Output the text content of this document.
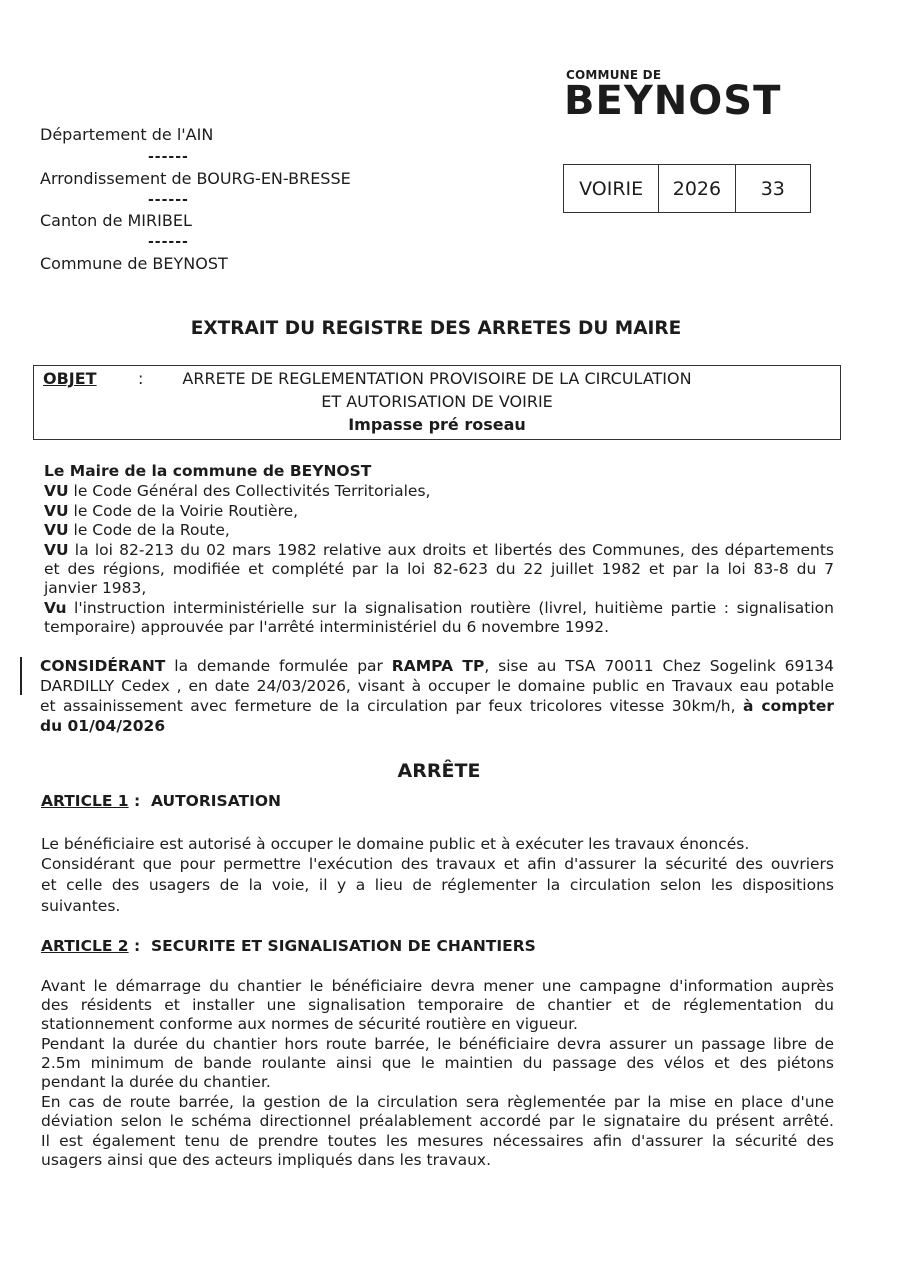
COMMUNE DE
BEYNOST
Département de l'AIN
------
Arrondissement de BOURG-EN-BRESSE
------
Canton de MIRIBEL
------
Commune de BEYNOST
VOIRIE	2026	33
EXTRAIT DU REGISTRE DES ARRETES DU MAIRE
OBJET	:	ARRETE DE REGLEMENTATION PROVISOIRE DE LA CIRCULATION
ET AUTORISATION DE VOIRIE
Impasse pré roseau
Le Maire de la commune de BEYNOST
VU le Code Général des Collectivités Territoriales,
VU le Code de la Voirie Routière,
VU le Code de la Route,
VU la loi 82-213 du 02 mars 1982 relative aux droits et libertés des Communes, des départements
et des régions, modifiée et complété par la loi 82-623 du 22 juillet 1982 et par la loi 83-8 du 7
janvier 1983,
Vu l'instruction interministérielle sur la signalisation routière (livrel, huitième partie : signalisation
temporaire) approuvée par l'arrêté interministériel du 6 novembre 1992.
CONSIDÉRANT la demande formulée par RAMPA TP, sise au TSA 70011 Chez Sogelink 69134
DARDILLY Cedex , en date 24/03/2026, visant à occuper le domaine public en Travaux eau potable
et assainissement avec fermeture de la circulation par feux tricolores vitesse 30km/h, à compter
du 01/04/2026
ARRÊTE
ARTICLE 1 :  AUTORISATION
Le bénéficiaire est autorisé à occuper le domaine public et à exécuter les travaux énoncés.
Considérant que pour permettre l'exécution des travaux et afin d'assurer la sécurité des ouvriers
et celle des usagers de la voie, il y a lieu de réglementer la circulation selon les dispositions
suivantes.
ARTICLE 2 :  SECURITE ET SIGNALISATION DE CHANTIERS
Avant le démarrage du chantier le bénéficiaire devra mener une campagne d'information auprès
des résidents et installer une signalisation temporaire de chantier et de réglementation du
stationnement conforme aux normes de sécurité routière en vigueur.
Pendant la durée du chantier hors route barrée, le bénéficiaire devra assurer un passage libre de
2.5m minimum de bande roulante ainsi que le maintien du passage des vélos et des piétons
pendant la durée du chantier.
En cas de route barrée, la gestion de la circulation sera règlementée par la mise en place d'une
déviation selon le schéma directionnel préalablement accordé par le signataire du présent arrêté.
Il est également tenu de prendre toutes les mesures nécessaires afin d'assurer la sécurité des
usagers ainsi que des acteurs impliqués dans les travaux.
